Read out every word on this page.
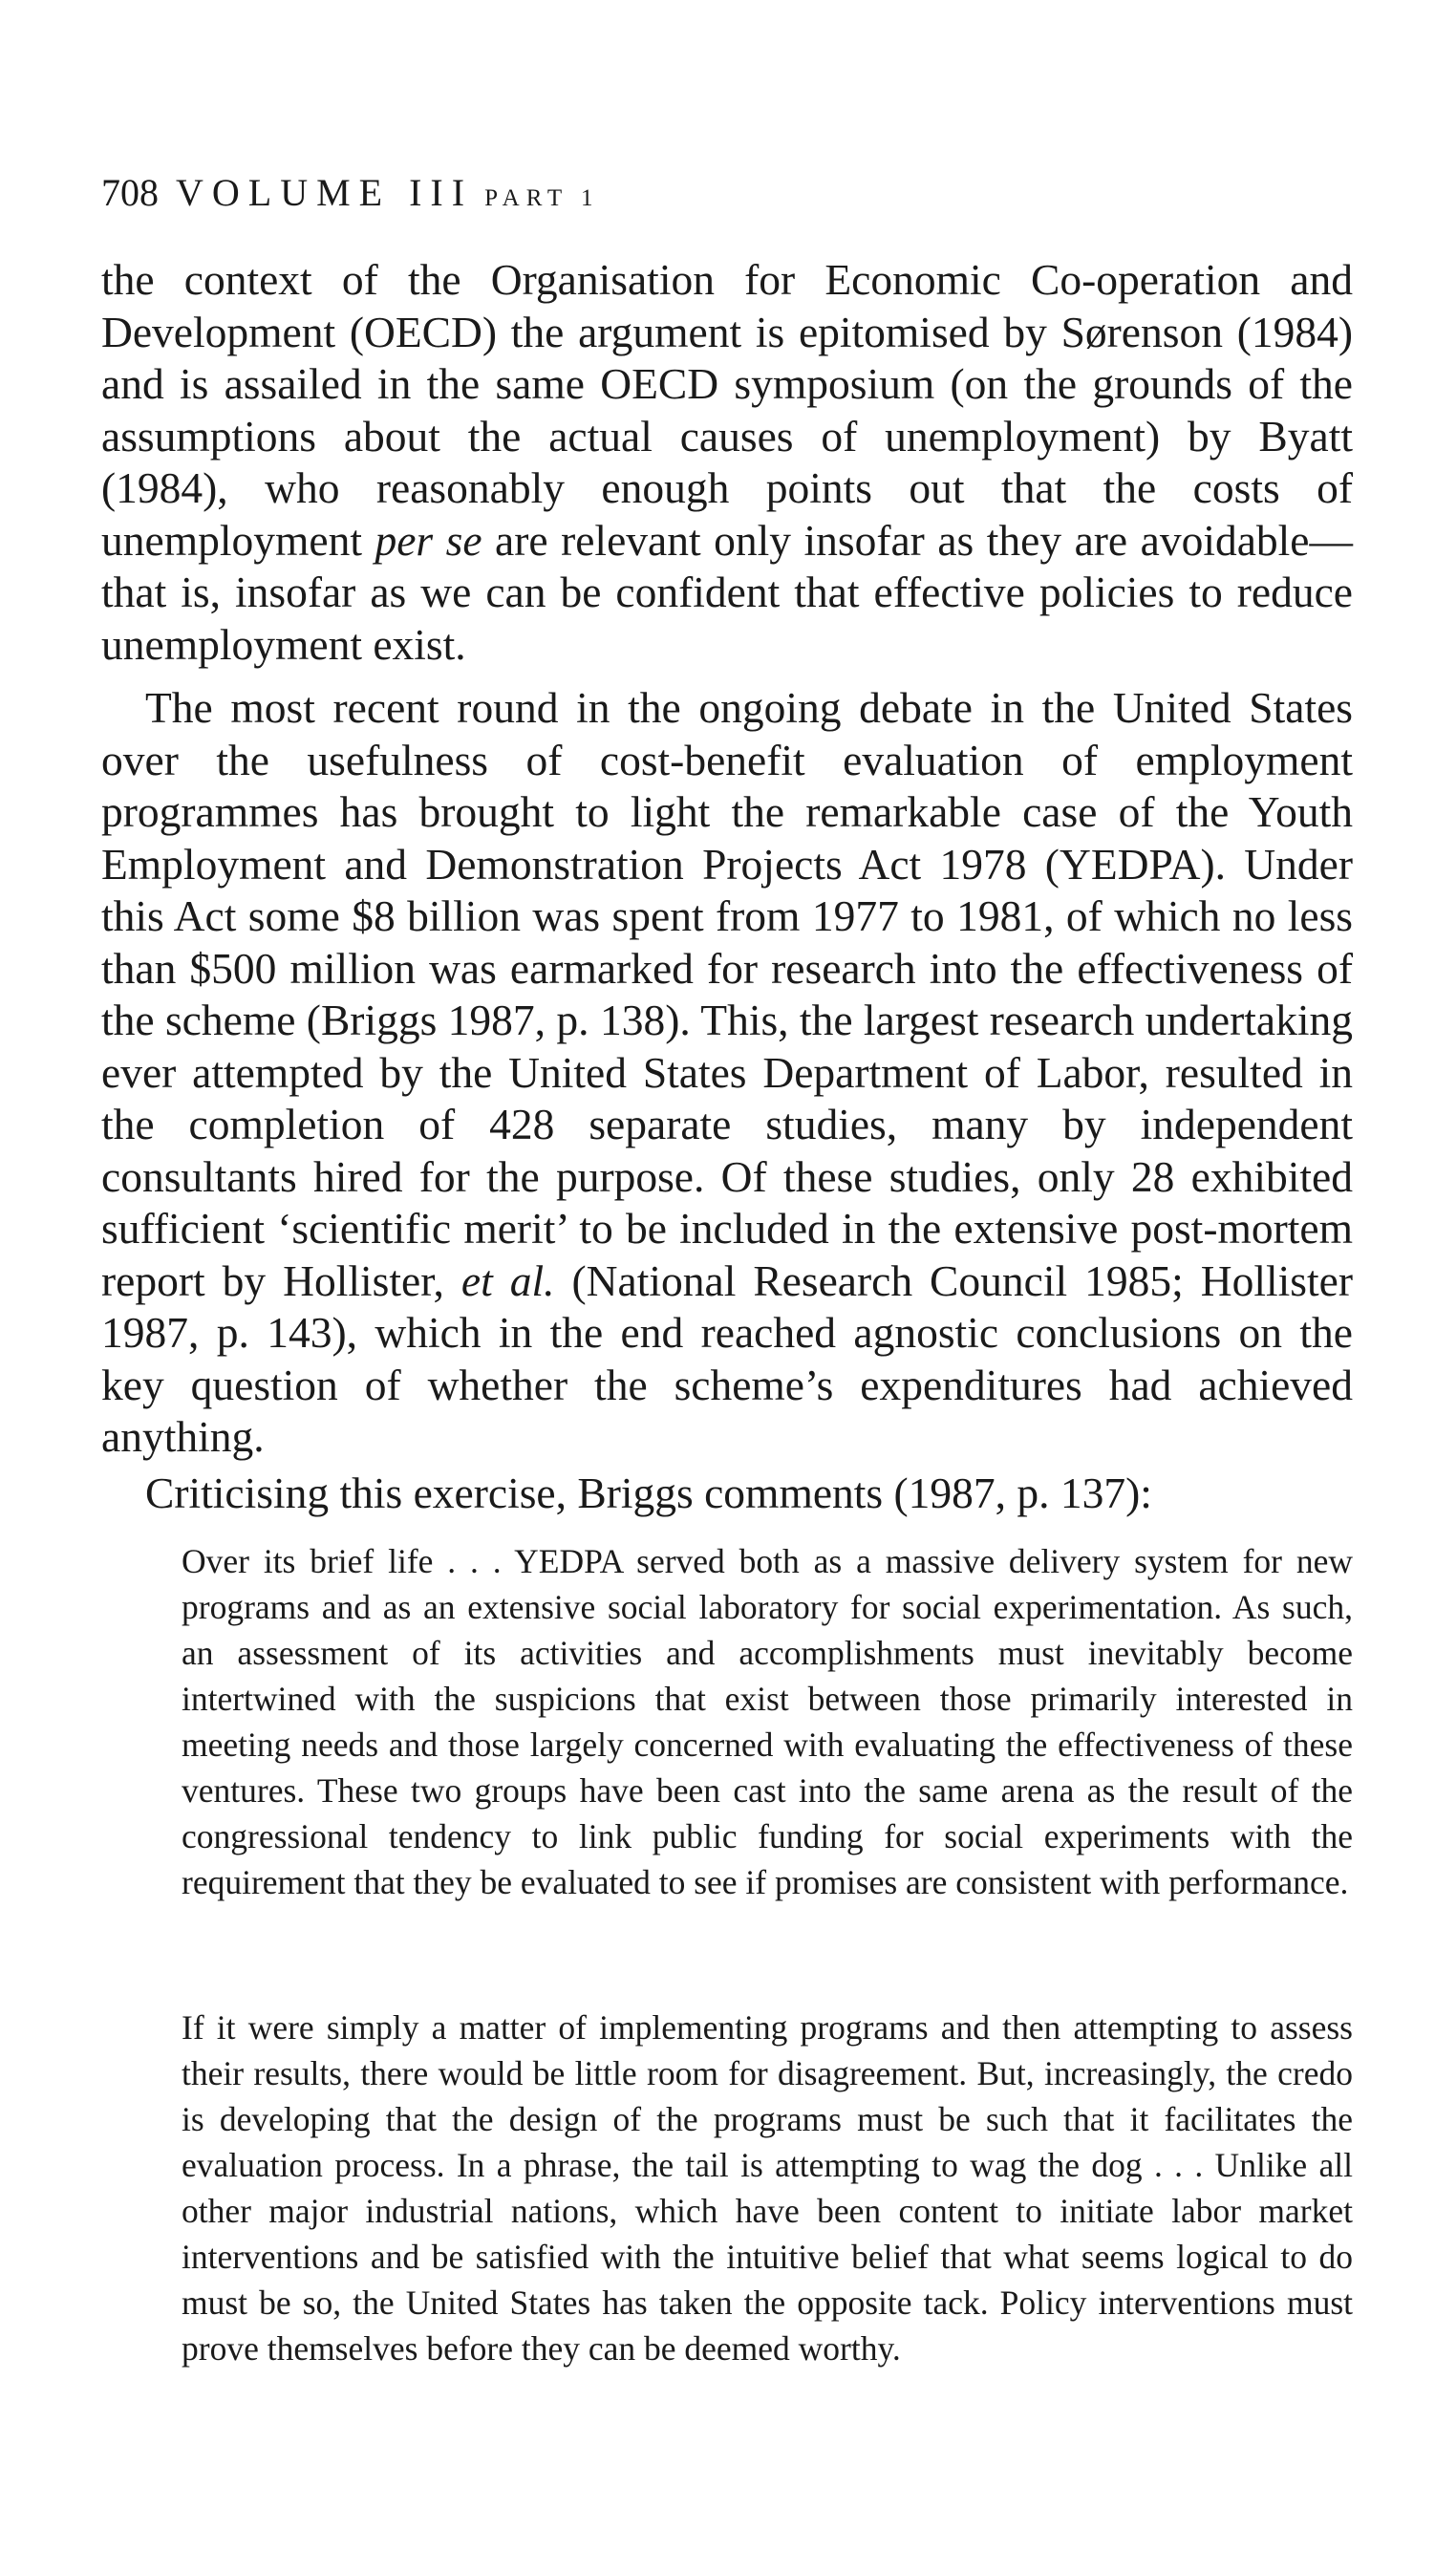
708 VOLUME III PART 1

the context of the Organisation for Economic Co-operation and Development (OECD) the argument is epitomised by Sørenson (1984) and is assailed in the same OECD symposium (on the grounds of the assumptions about the actual causes of unemployment) by Byatt (1984), who reasonably enough points out that the costs of unemployment per se are relevant only insofar as they are avoidable—that is, insofar as we can be confident that effective policies to reduce unemployment exist.

The most recent round in the ongoing debate in the United States over the usefulness of cost-benefit evaluation of employment programmes has brought to light the remarkable case of the Youth Employment and Demonstration Projects Act 1978 (YEDPA). Under this Act some $8 billion was spent from 1977 to 1981, of which no less than $500 million was earmarked for research into the effectiveness of the scheme (Briggs 1987, p. 138). This, the largest research undertaking ever attempted by the United States Department of Labor, resulted in the completion of 428 separate studies, many by independent consultants hired for the purpose. Of these studies, only 28 exhibited sufficient ‘scientific merit’ to be included in the extensive post-mortem report by Hollister, et al. (National Research Council 1985; Hollister 1987, p. 143), which in the end reached agnostic conclusions on the key question of whether the scheme’s expenditures had achieved anything.

Criticising this exercise, Briggs comments (1987, p. 137):

Over its brief life . . . YEDPA served both as a massive delivery system for new programs and as an extensive social laboratory for social experimentation. As such, an assessment of its activities and accomplishments must inevitably become intertwined with the suspicions that exist between those primarily interested in meeting needs and those largely concerned with evaluating the effectiveness of these ventures. These two groups have been cast into the same arena as the result of the congressional tendency to link public funding for social experiments with the requirement that they be evaluated to see if promises are consistent with performance.

If it were simply a matter of implementing programs and then attempting to assess their results, there would be little room for disagreement. But, increasingly, the credo is developing that the design of the programs must be such that it facilitates the evaluation process. In a phrase, the tail is attempting to wag the dog . . . Unlike all other major industrial nations, which have been content to initiate labor market interventions and be satisfied with the intuitive belief that what seems logical to do must be so, the United States has taken the opposite tack. Policy interventions must prove themselves before they can be deemed worthy.
